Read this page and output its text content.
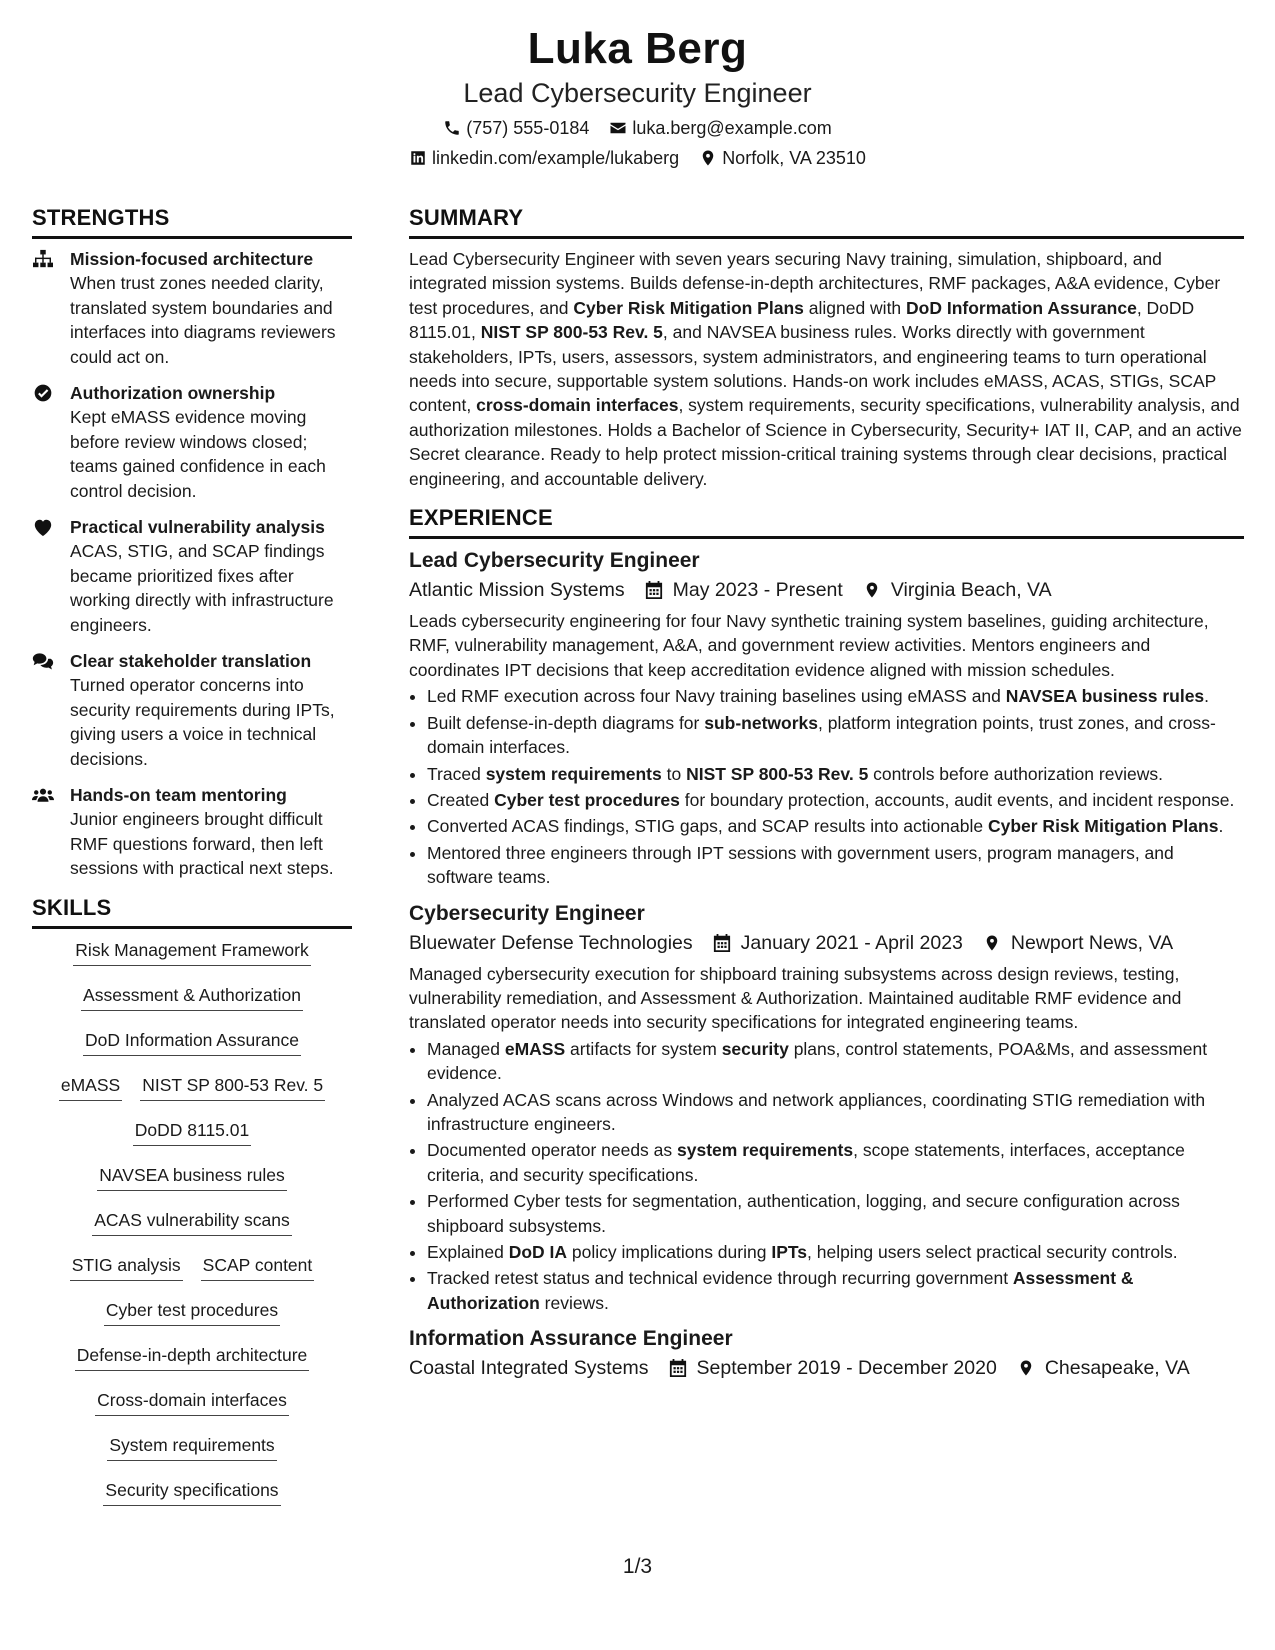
Luka Berg
Lead Cybersecurity Engineer
(757) 555-0184 luka.berg@example.com
linkedin.com/example/lukaberg Norfolk, VA 23510
STRENGTHS
Mission-focused architecture
When trust zones needed clarity, translated system boundaries and interfaces into diagrams reviewers could act on.
Authorization ownership
Kept eMASS evidence moving before review windows closed; teams gained confidence in each control decision.
Practical vulnerability analysis
ACAS, STIG, and SCAP findings became prioritized fixes after working directly with infrastructure engineers.
Clear stakeholder translation
Turned operator concerns into security requirements during IPTs, giving users a voice in technical decisions.
Hands-on team mentoring
Junior engineers brought difficult RMF questions forward, then left sessions with practical next steps.
SKILLS
Risk Management Framework
Assessment & Authorization
DoD Information Assurance
eMASS NIST SP 800-53 Rev. 5
DoDD 8115.01
NAVSEA business rules
ACAS vulnerability scans
STIG analysis SCAP content
Cyber test procedures
Defense-in-depth architecture
Cross-domain interfaces
System requirements
Security specifications
SUMMARY
Lead Cybersecurity Engineer with seven years securing Navy training, simulation, shipboard, and integrated mission systems. Builds defense-in-depth architectures, RMF packages, A&A evidence, Cyber test procedures, and Cyber Risk Mitigation Plans aligned with DoD Information Assurance, DoDD 8115.01, NIST SP 800-53 Rev. 5, and NAVSEA business rules. Works directly with government stakeholders, IPTs, users, assessors, system administrators, and engineering teams to turn operational needs into secure, supportable system solutions. Hands-on work includes eMASS, ACAS, STIGs, SCAP content, cross-domain interfaces, system requirements, security specifications, vulnerability analysis, and authorization milestones. Holds a Bachelor of Science in Cybersecurity, Security+ IAT II, CAP, and an active Secret clearance. Ready to help protect mission-critical training systems through clear decisions, practical engineering, and accountable delivery.
EXPERIENCE
Lead Cybersecurity Engineer
Atlantic Mission Systems May 2023 - Present Virginia Beach, VA
Leads cybersecurity engineering for four Navy synthetic training system baselines, guiding architecture, RMF, vulnerability management, A&A, and government review activities. Mentors engineers and coordinates IPT decisions that keep accreditation evidence aligned with mission schedules.
• Led RMF execution across four Navy training baselines using eMASS and NAVSEA business rules.
• Built defense-in-depth diagrams for sub-networks, platform integration points, trust zones, and cross-domain interfaces.
• Traced system requirements to NIST SP 800-53 Rev. 5 controls before authorization reviews.
• Created Cyber test procedures for boundary protection, accounts, audit events, and incident response.
• Converted ACAS findings, STIG gaps, and SCAP results into actionable Cyber Risk Mitigation Plans.
• Mentored three engineers through IPT sessions with government users, program managers, and software teams.
Cybersecurity Engineer
Bluewater Defense Technologies January 2021 - April 2023 Newport News, VA
Managed cybersecurity execution for shipboard training subsystems across design reviews, testing, vulnerability remediation, and Assessment & Authorization. Maintained auditable RMF evidence and translated operator needs into security specifications for integrated engineering teams.
• Managed eMASS artifacts for system security plans, control statements, POA&Ms, and assessment evidence.
• Analyzed ACAS scans across Windows and network appliances, coordinating STIG remediation with infrastructure engineers.
• Documented operator needs as system requirements, scope statements, interfaces, acceptance criteria, and security specifications.
• Performed Cyber tests for segmentation, authentication, logging, and secure configuration across shipboard subsystems.
• Explained DoD IA policy implications during IPTs, helping users select practical security controls.
• Tracked retest status and technical evidence through recurring government Assessment & Authorization reviews.
Information Assurance Engineer
Coastal Integrated Systems September 2019 - December 2020 Chesapeake, VA
1/3
